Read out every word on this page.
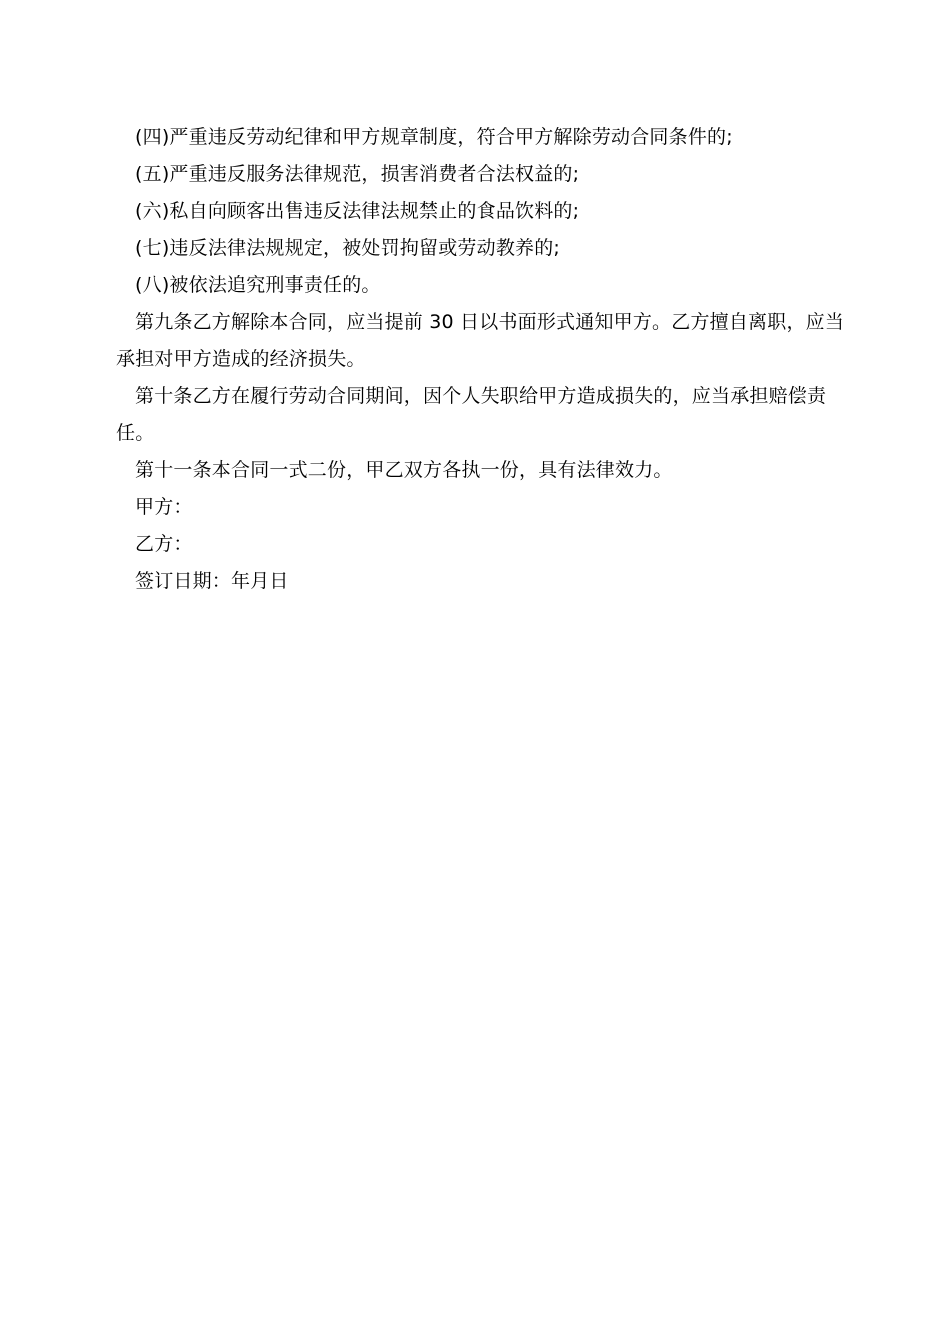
(四)严重违反劳动纪律和甲方规章制度，符合甲方解除劳动合同条件的;
(五)严重违反服务法律规范，损害消费者合法权益的;
(六)私自向顾客出售违反法律法规禁止的食品饮料的;
(七)违反法律法规规定，被处罚拘留或劳动教养的;
(八)被依法追究刑事责任的。
第九条乙方解除本合同，应当提前 30 日以书面形式通知甲方。乙方擅自离职，应当
承担对甲方造成的经济损失。
第十条乙方在履行劳动合同期间，因个人失职给甲方造成损失的，应当承担赔偿责
任。
第十一条本合同一式二份，甲乙双方各执一份，具有法律效力。
甲方：
乙方：
签订日期：年月日
